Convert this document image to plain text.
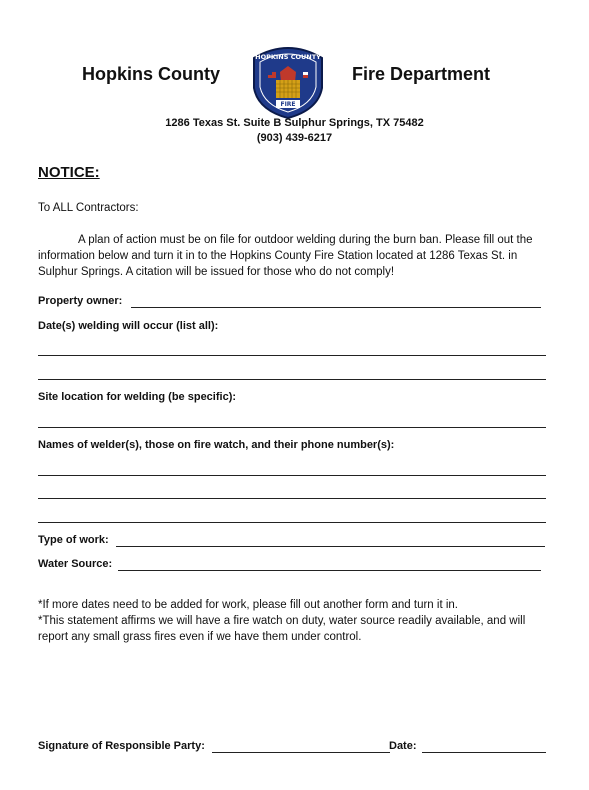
Hopkins County	Fire Department
HOPKINS COUNTY
FIRE
1286 Texas St. Suite B Sulphur Springs, TX 75482
(903) 439-6217
NOTICE:
To ALL Contractors:
A plan of action must be on file for outdoor welding during the burn ban. Please fill out the information below and turn it in to the Hopkins County Fire Station located at 1286 Texas St. in Sulphur Springs. A citation will be issued for those who do not comply!
Property owner:
Date(s) welding will occur (list all):
Site location for welding (be specific):
Names of welder(s), those on fire watch, and their phone number(s):
Type of work:
Water Source:
*If more dates need to be added for work, please fill out another form and turn it in.
*This statement affirms we will have a fire watch on duty, water source readily available, and will report any small grass fires even if we have them under control.
Signature of Responsible Party:	Date:
